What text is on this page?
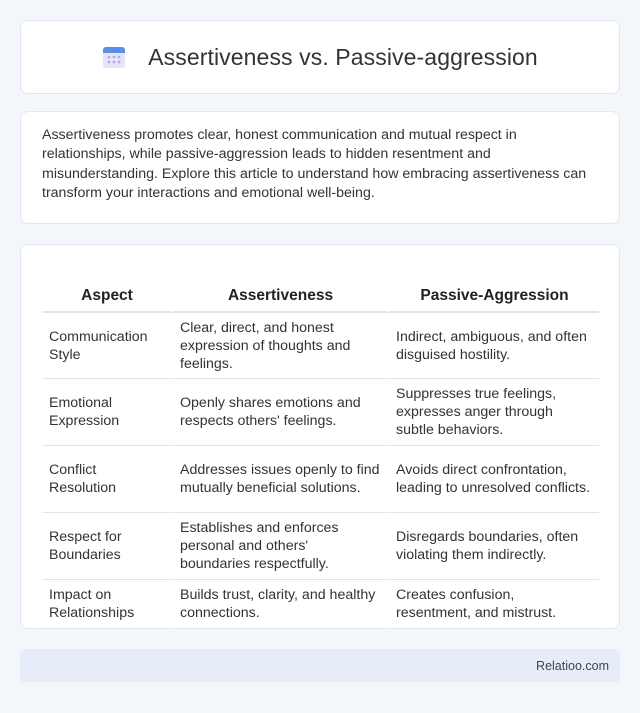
Assertiveness vs. Passive-aggression

Assertiveness promotes clear, honest communication and mutual respect in relationships, while passive-aggression leads to hidden resentment and misunderstanding. Explore this article to understand how embracing assertiveness can transform your interactions and emotional well-being.

Aspect	Assertiveness	Passive-Aggression
Communication Style	Clear, direct, and honest expression of thoughts and feelings.	Indirect, ambiguous, and often disguised hostility.
Emotional Expression	Openly shares emotions and respects others' feelings.	Suppresses true feelings, expresses anger through subtle behaviors.
Conflict Resolution	Addresses issues openly to find mutually beneficial solutions.	Avoids direct confrontation, leading to unresolved conflicts.
Respect for Boundaries	Establishes and enforces personal and others' boundaries respectfully.	Disregards boundaries, often violating them indirectly.
Impact on Relationships	Builds trust, clarity, and healthy connections.	Creates confusion, resentment, and mistrust.
Relatioo.com
